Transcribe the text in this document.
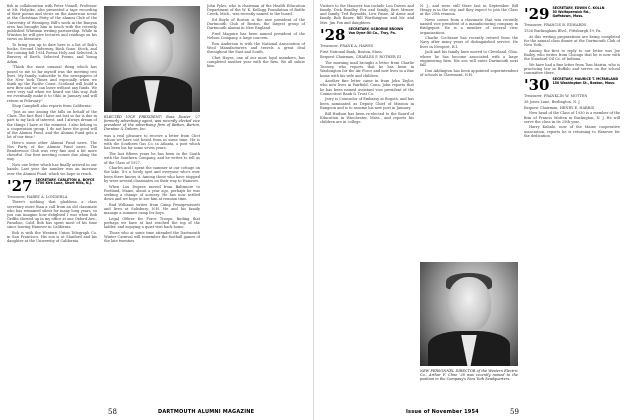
fish in collaboration with Peter Vinnell, Professor at Mt. Holyoke, also presented a tape recording of their poems and views on the American scene at the Christmas Party of the alumni Club of the University of Winnipeg. Bill's work in the Bunyan area has brought him in touch with the recently published Whitman writing partnership. While in Winston he will give lectures and readings on his views on literature.

To bring you up to date here is a list of Bob's books: Second Underway, Back Gone, Stock, and the coming fall 1954 Poems Holy and Selected, A Bravery of Earth, Selected Poems, and Young Adam.

"Think the most unusual thing which has posed to me so far myself was the meeting two lives. My family, subscribe to the newspapers of the New York Times and especially when we think up the Pacific Coast. Scotland will build a new Bow and we can leave without any funds. We were very sad when we heard out this way. Bob we eventually make it to Ohio in January and will return in February."

Shop Campbell also reports from California:

"Just as one among the hills on behalf of the Class. The fact that I have not lost so far is due in part to my lack of interest, and I always dream of the things I have at the moment. I also belong to a cooperation group. I do not have the good will of the Alumni Fund, and the Alumni Fund gets a lot of our time."

Here's some other Alumni Fund news. The Nov Party of the Alumni Fund news. The Rendezvous Club was very fine and a bit more cheerful. Our first meeting comes due along the way.

Now one letter which has finally arrived in our hands: Last year the number was an increase over the Alumni Fund, which we hope to reach.

'27 SECRETARY, CARLETON A. BOYCE
1700 Kirk Lane, Short Hills, N.J.

Treasurer, HARRY A. LONDERLA

There's nothing that gladdens a class secretary more than a call from an old classmate who has remained silent for many long years, so you can imagine how delighted I was when Bob Griffin showed up in my office at one Oxford Ave., Paradise, Calif. Bob has spent most of his time since leaving Hanover in California.

Bob is with the Western Union Telegraph Co. in San Francisco. His son is at Stanford and his daughter at the University of California.

ELECTED VICE PRESIDENT: Ross Dexter '27 formerly advertising agent, was recently elected vice president of the advertising firm of Batten, Barton, Durstine & Osborn, Inc.

was a real pleasure to receive a letter from Chet whom we have not heard from in some time. He is with the Southern Gas Co. in Atlanta, a post which has been his for some seven years.

The last fifteen years he has been in the South with the Southern Company, and he writes to tell us of the Class of 1927.

Charles and I spent the summer at our cottage on the lake. It's a lovely spot and everyone who's ever been there knows it. Among those who have stopped by were several classmates on their way to Hanover.

When Lou Dupree moved from Baltimore to Portland, Maine, about a year ago, perhaps he was seeking a change of scenery. He has now settled down and we hope to see him at reunion time.

Bud Williams writes from Camp Pemigewassett and lives at Salisbury, N.H. He and his family manage a summer camp for boys.

Legal Officer for Force Troops, finding that perhaps we have at last reached the top of the ladder, and enjoying a quiet visit back home.

Those who at some time attended the Dartmouth Winter Carnival will remember the football games of the late twenties.

John Pyles, who is chairman of the Health Education Department of the W. K. Kellogg Foundation of Battle Creek, Mich., was recently named to the board.

Ed Boyle of Boston is the new president of the Dartmouth Club of Boston, the largest group of Dartmouth alumni in New England.

Fred Maguire has been named president of the Nelson Company, a large concern.

Ron Anderson is with the National Association of Wool Manufacturers and travels a great deal throughout the East and South.

Chet Hayes, one of our most loyal members, has completed another year with the firm. We all salute him.

58	DARTMOUTH ALUMNI MAGAZINE

Visitors to the Hanover Inn include Lou Dawes and family, Dick Bradley Fox and family, Bert Messer and family, Ted Reynolds, Lew Paine, Al Arme and family, Bob Bauer, Bill Worthington, and Mr. and Mrs. Jim Fox and daughters.

'28 SECRETARY, OSBORNE BROWN
Van Dyne Oil Co., Troy, Pa.

Treasurer, FRANK A. HAWES

First National Bank, Boston, Mass.

Bequest Chairman, CHARLES F. ROTHER III

The morning mail brought a letter from Charlie Toomey, who reports that he has been in Washington for the Air Force and now lives in a fine home with his wife and children.

Another fine letter came in from John Taylor, who now lives in Fairfield, Conn. John reports that he has been named assistant vice president of the Connecticut Bank & Trust Co.

Jerry is Counselor of Embassy at Bogotá, and has been nominated as Deputy Chief of Mission in Rangoon and is to assume his new post in January.

Bill Hudson has been re-elected to the Board of Education in Winchester, Mass., and reports his children are in college.

N. J., and were still there last in September. Bill Heagy is in the city, and they expect to join the Class at the 25th reunion.

News comes from a classmate that was recently named vice president of a manufacturing company in Bridgeport. He is a member of several civic organizations.

Charlie Cochrane has recently retired from the Navy after many years of distinguished service. He lives in Newport, R.I.

Jack and his family have moved to Cleveland, Ohio, where he has become associated with a large engineering firm. His son will enter Dartmouth next fall.

Don Addington has been appointed superintendent of schools in Claremont, N.H.

NEW PERSONNEL DIRECTOR of the Western Electric Co., Arthur F. Cline '28 was recently named to the position in the Company's New York headquarters.
'29 SECRETARY, EDWIN C. KOLLN
30 Wolfaperwick Rd.,
Goffstown, Mass.

Treasurer, FRANCIS B. EDWARDS

1526 Buckingham Blvd., Pittsburgh 19, Pa.

At this writing preparations are being completed for the annual class dinner at the Dartmouth Club of New York.

Among the first to reply to our letter was Joe Bailey, who writes from Chicago that he is now with the Standard Oil Co. of Indiana.

We have had a fine letter from Tom Martin, who is practicing law in Buffalo and serves on the school committee there.

'30 SECRETARY, MAURICE T. MCFARLAND
150 Washington St., Boston, Mass.

Treasurer, FRANKLIN W. MOTTEN

38 Jones Lane, Burlington, N. J.

Bequest Chairman, HENRY E. HARRIS

New head of the Class of 1930 is a member of the firm of Francis Motten in Burlington, N. J. He will serve the class in its 25th year.

Harry Kuhnle, now of the Maine cooperative association, reports he is returning to Hanover for the dedication.

Issue of November 1954	59
